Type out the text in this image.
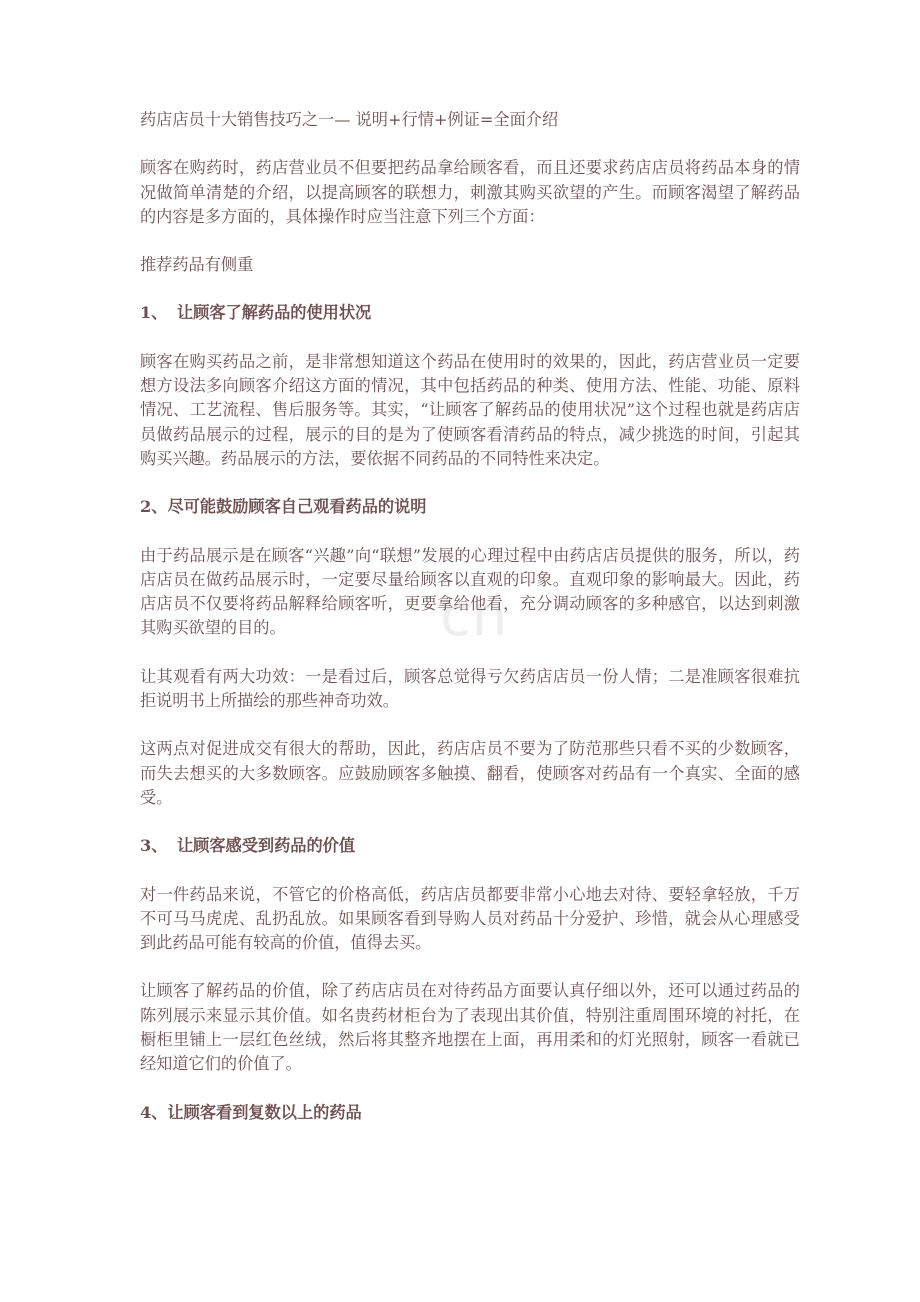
药店店员十大销售技巧之一— 说明+行情+例证=全面介绍

顾客在购药时，药店营业员不但要把药品拿给顾客看，而且还要求药店店员将药品本身的情况做简单清楚的介绍，以提高顾客的联想力，刺激其购买欲望的产生。而顾客渴望了解药品的内容是多方面的，具体操作时应当注意下列三个方面：

推荐药品有侧重

1、 让顾客了解药品的使用状况

顾客在购买药品之前，是非常想知道这个药品在使用时的效果的，因此，药店营业员一定要想方设法多向顾客介绍这方面的情况，其中包括药品的种类、使用方法、性能、功能、原料情况、工艺流程、售后服务等。其实，“让顾客了解药品的使用状况”这个过程也就是药店店员做药品展示的过程，展示的目的是为了使顾客看清药品的特点，减少挑选的时间，引起其购买兴趣。药品展示的方法，要依据不同药品的不同特性来决定。

2、尽可能鼓励顾客自己观看药品的说明

由于药品展示是在顾客“兴趣”向“联想”发展的心理过程中由药店店员提供的服务，所以，药店店员在做药品展示时，一定要尽量给顾客以直观的印象。直观印象的影响最大。因此，药店店员不仅要将药品解释给顾客听，更要拿给他看，充分调动顾客的多种感官，以达到刺激其购买欲望的目的。

让其观看有两大功效：一是看过后，顾客总觉得亏欠药店店员一份人情；二是准顾客很难抗拒说明书上所描绘的那些神奇功效。

这两点对促进成交有很大的帮助，因此，药店店员不要为了防范那些只看不买的少数顾客，而失去想买的大多数顾客。应鼓励顾客多触摸、翻看，使顾客对药品有一个真实、全面的感受。

3、 让顾客感受到药品的价值

对一件药品来说，不管它的价格高低，药店店员都要非常小心地去对待、要轻拿轻放，千万不可马马虎虎、乱扔乱放。如果顾客看到导购人员对药品十分爱护、珍惜，就会从心理感受到此药品可能有较高的价值，值得去买。

让顾客了解药品的价值，除了药店店员在对待药品方面要认真仔细以外，还可以通过药品的陈列展示来显示其价值。如名贵药材柜台为了表现出其价值，特别注重周围环境的衬托，在橱柜里铺上一层红色丝绒，然后将其整齐地摆在上面，再用柔和的灯光照射，顾客一看就已经知道它们的价值了。

4、让顾客看到复数以上的药品

cn
